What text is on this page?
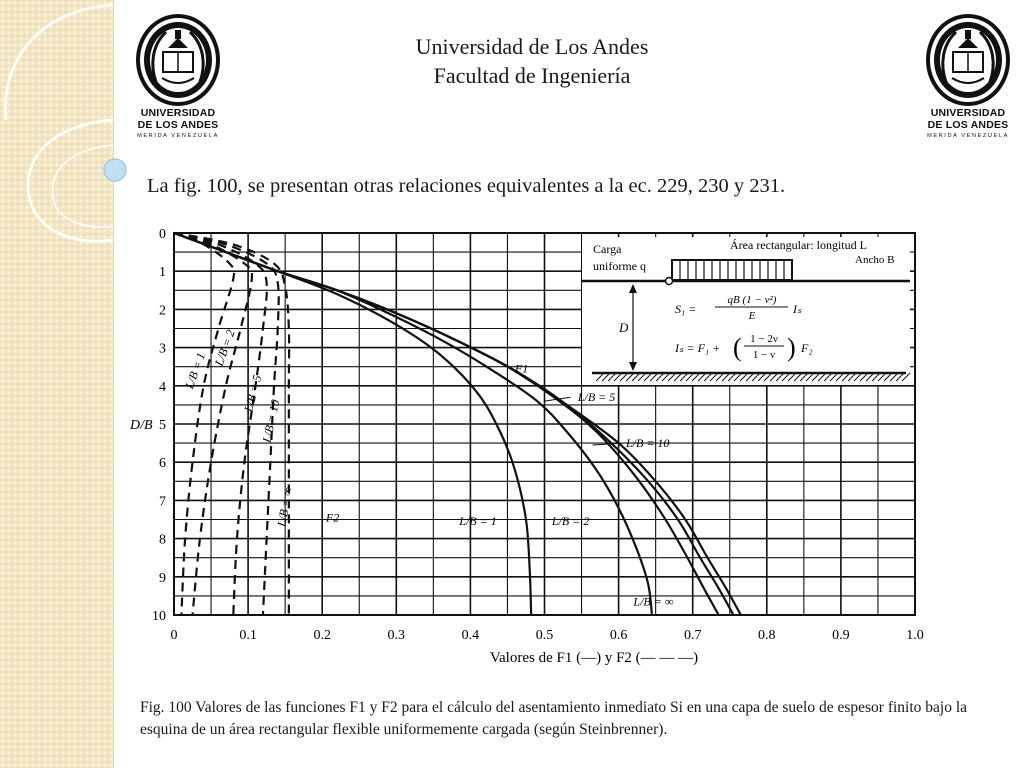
UNIVERSIDAD
DE LOS ANDES
MERIDA VENEZUELA
UNIVERSIDAD
DE LOS ANDES
MERIDA VENEZUELA
Universidad de Los Andes
Facultad de Ingeniería
La fig. 100, se presentan otras relaciones equivalentes a la ec. 229, 230 y 231.
0	0.1	0.2	0.3	0.4	0.5	0.6	0.7	0.8	0.9	1.0
0
1
2
3
4
5
6
7
8
9
10
F1
F2	L/B = 1	L/B = 2
L/B = 5
L/B = 10
L/B = ∞
L/B = 1
L/B = 2
L/B = 5
L/B = 10
L/B = ∞
Área rectangular: longitud L
Ancho B
Carga
uniforme q
D
S₁ =
qB (1 − ν²)
E	Iₛ
Iₛ = F₁ + ( 1 − 2ν
1 − ν ) F₂
D/B
Valores de F1 (—) y F2 (— — —)
Fig. 100 Valores de las funciones F1 y F2 para el cálculo del asentamiento inmediato Si en una capa de suelo de espesor finito bajo la esquina de un área rectangular flexible uniformemente cargada (según Steinbrenner).
